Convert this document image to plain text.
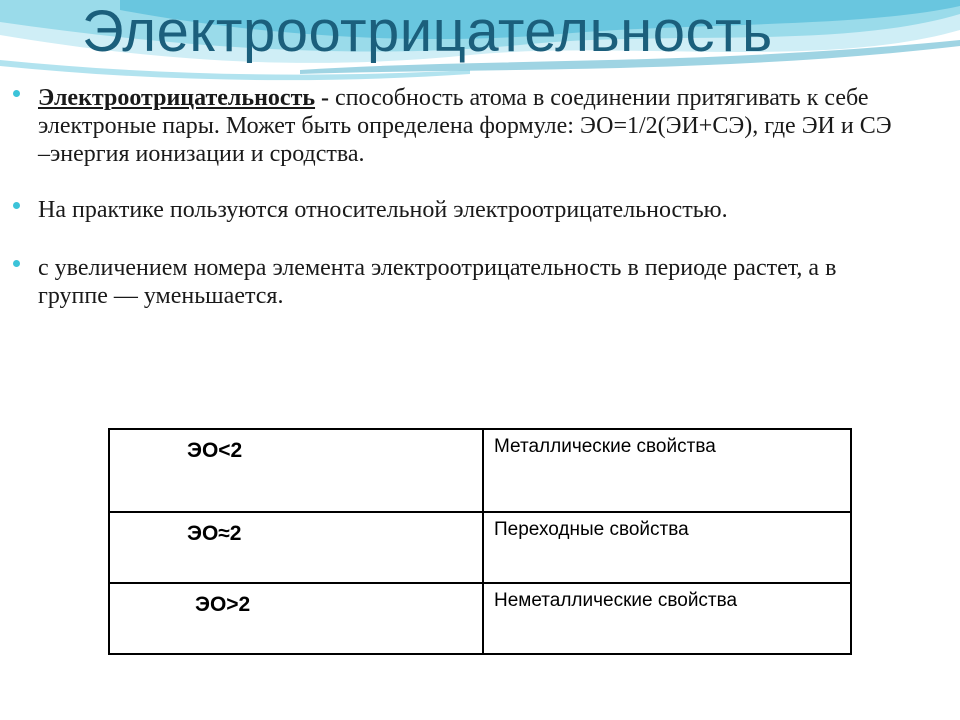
Электроотрицательность
Электроотрицательность - способность атома в соединении притягивать к себе электроные пары. Может быть определена формуле: ЭО=1/2(ЭИ+СЭ), где ЭИ и СЭ –энергия ионизации и сродства.
На практике пользуются относительной электроотрицательностью.
с увеличением номера элемента электроотрицательность в периоде растет, а в группе — уменьшается.
ЭО<2	Металлические свойства
ЭО≈2	Переходные свойства
ЭО>2	Неметаллические свойства
